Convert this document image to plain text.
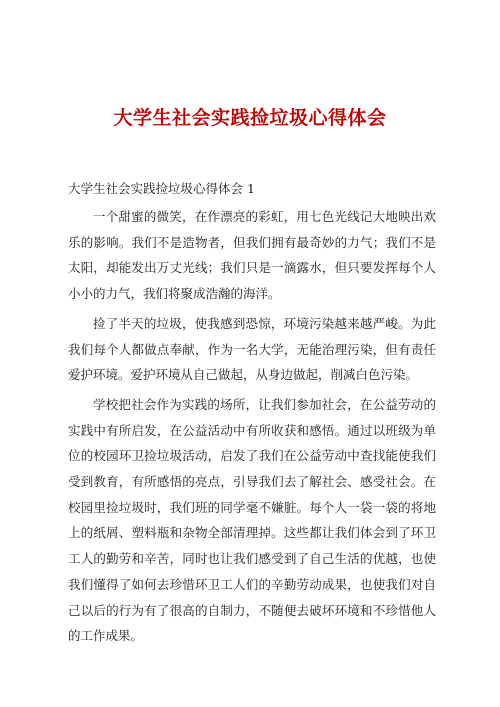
大学生社会实践捡垃圾心得体会

大学生社会实践捡垃圾心得体会 1

一个甜蜜的微笑，在作漂亮的彩虹，用七色光线记大地映出欢乐的影响。我们不是造物者，但我们拥有最奇妙的力气；我们不是太阳，却能发出万丈光线；我们只是一滴露水，但只要发挥每个人小小的力气，我们将聚成浩瀚的海洋。

捡了半天的垃圾，使我感到恐惊，环境污染越来越严峻。为此我们每个人都做点奉献，作为一名大学，无能治理污染，但有责任爱护环境。爱护环境从自己做起，从身边做起，削减白色污染。

学校把社会作为实践的场所，让我们参加社会，在公益劳动的实践中有所启发，在公益活动中有所收获和感悟。通过以班级为单位的校园环卫捡垃圾活动，启发了我们在公益劳动中查找能使我们受到教育，有所感悟的亮点，引导我们去了解社会、感受社会。在校园里捡垃圾时，我们班的同学毫不嫌脏。每个人一袋一袋的将地上的纸屑、塑料瓶和杂物全部清理掉。这些都让我们体会到了环卫工人的勤劳和辛苦，同时也让我们感受到了自己生活的优越，也使我们懂得了如何去珍惜环卫工人们的辛勤劳动成果，也使我们对自己以后的行为有了很高的自制力，不随便去破坏环境和不珍惜他人的工作成果。
